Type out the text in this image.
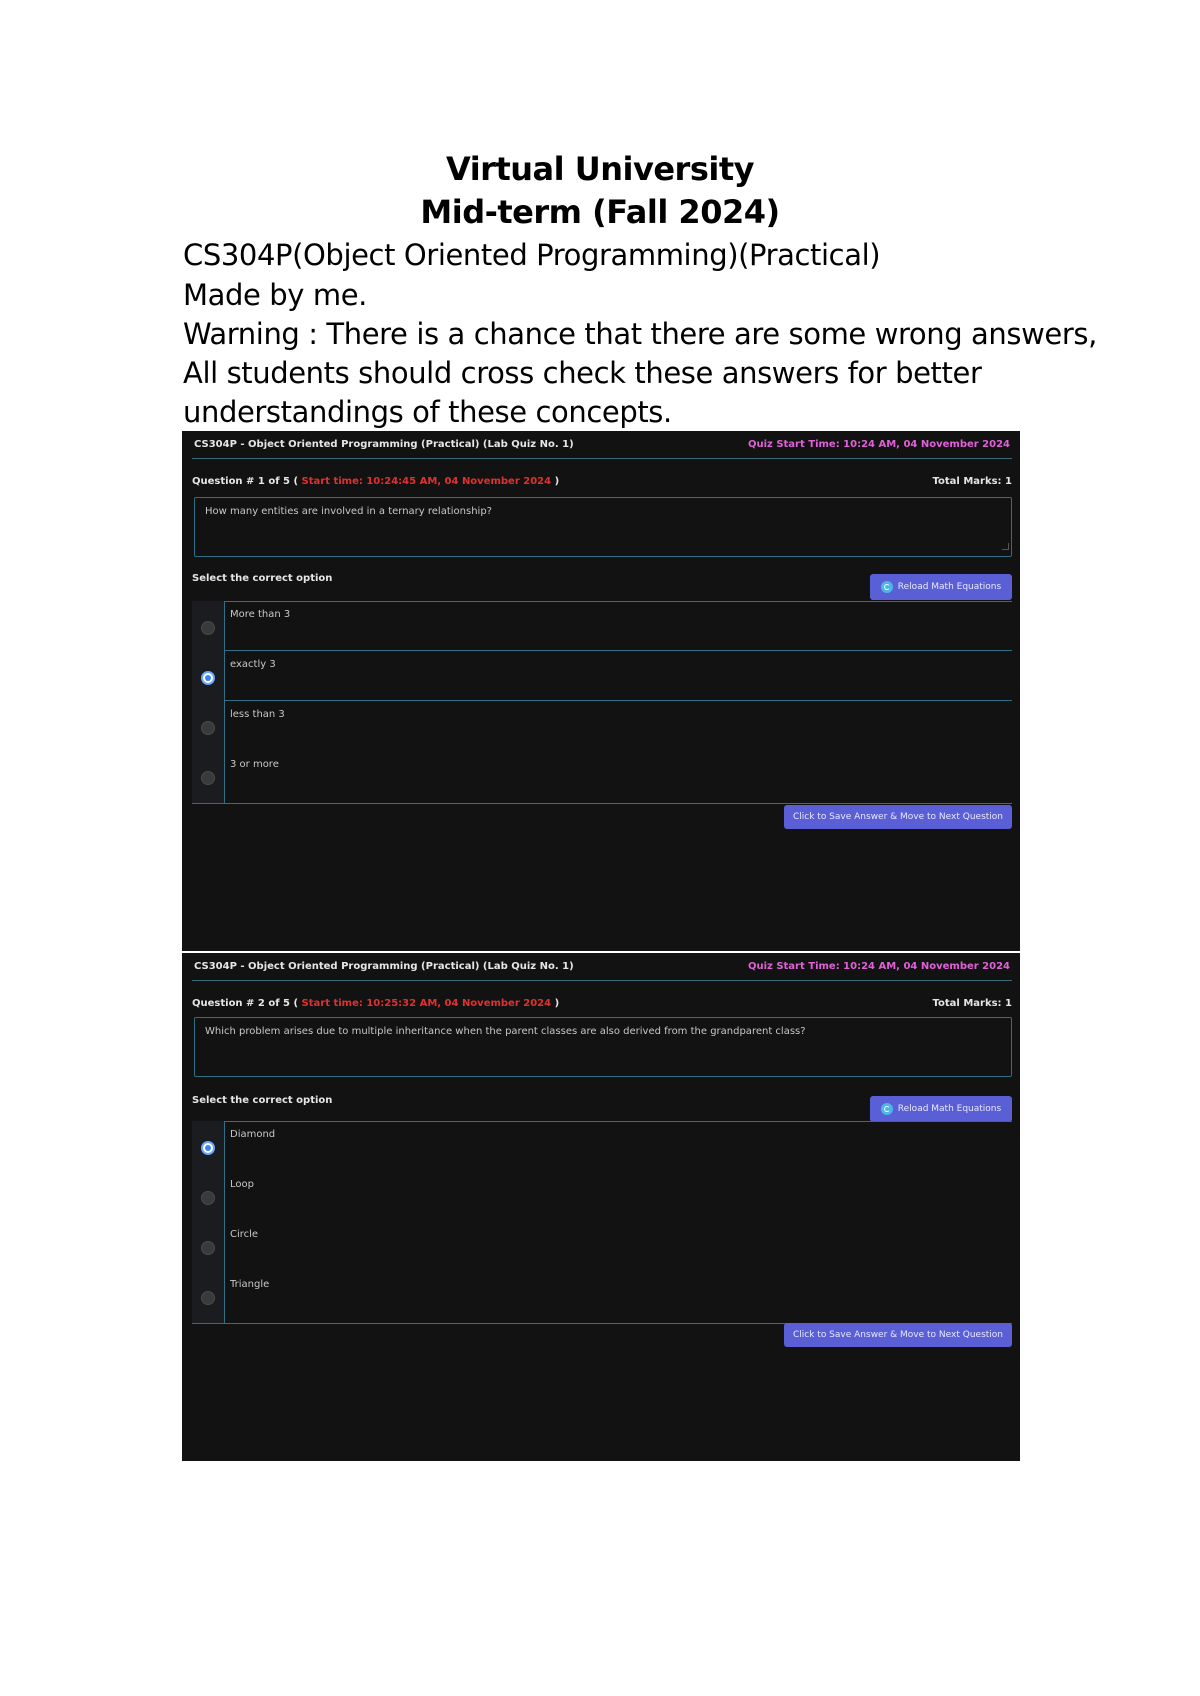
Virtual University
Mid-term (Fall 2024)
CS304P(Object Oriented Programming)(Practical)
Made by me.
Warning : There is a chance that there are some wrong answers,
All students should cross check these answers for better
understandings of these concepts.
CS304P - Object Oriented Programming (Practical) (Lab Quiz No. 1)	Quiz Start Time: 10:24 AM, 04 November 2024
Question # 1 of 5 ( Start time: 10:24:45 AM, 04 November 2024 )	Total Marks: 1
How many entities are involved in a ternary relationship?
Select the correct option
Reload Math Equations
More than 3
exactly 3
less than 3
3 or more
Click to Save Answer & Move to Next Question
CS304P - Object Oriented Programming (Practical) (Lab Quiz No. 1)	Quiz Start Time: 10:24 AM, 04 November 2024
Question # 2 of 5 ( Start time: 10:25:32 AM, 04 November 2024 )	Total Marks: 1
Which problem arises due to multiple inheritance when the parent classes are also derived from the grandparent class?
Select the correct option
Reload Math Equations
Diamond
Loop
Circle
Triangle
Click to Save Answer & Move to Next Question
